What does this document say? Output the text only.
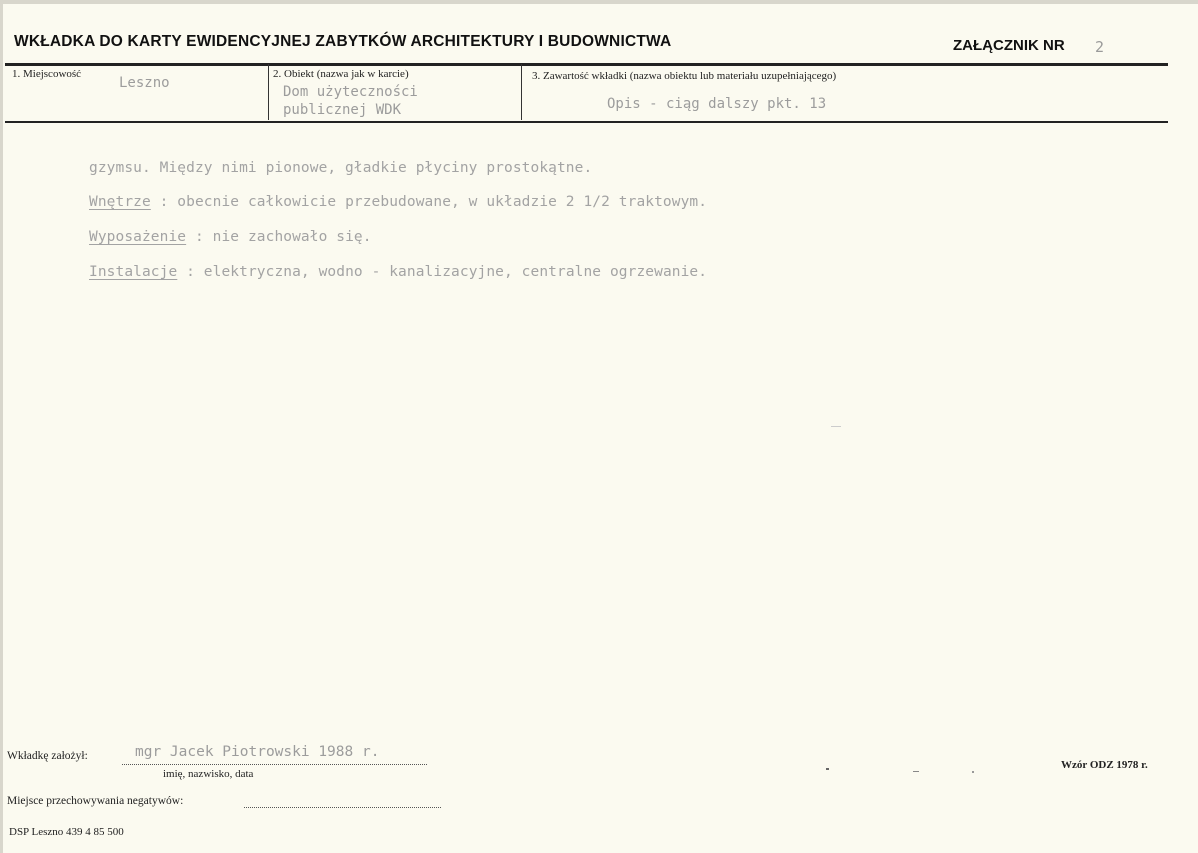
WKŁADKA DO KARTY EWIDENCYJNEJ ZABYTKÓW ARCHITEKTURY I BUDOWNICTWA	ZAŁĄCZNIK NR 2
1. Miejscowość
Leszno
2. Obiekt (nazwa jak w karcie)
Dom użyteczności
publicznej WDK
3. Zawartość wkładki (nazwa obiektu lub materiału uzupełniającego)
Opis - ciąg dalszy pkt. 13
gzymsu. Między nimi pionowe, gładkie płyciny prostokątne.
Wnętrze : obecnie całkowicie przebudowane, w układzie 2 1/2 traktowym.
Wyposażenie : nie zachowało się.
Instalacje : elektryczna, wodno - kanalizacyjne, centralne ogrzewanie.
Wkładkę założył:	mgr Jacek Piotrowski 1988 r.
imię, nazwisko, data
Wzór ODZ 1978 r.
Miejsce przechowywania negatywów:
DSP Leszno 439 4 85 500
